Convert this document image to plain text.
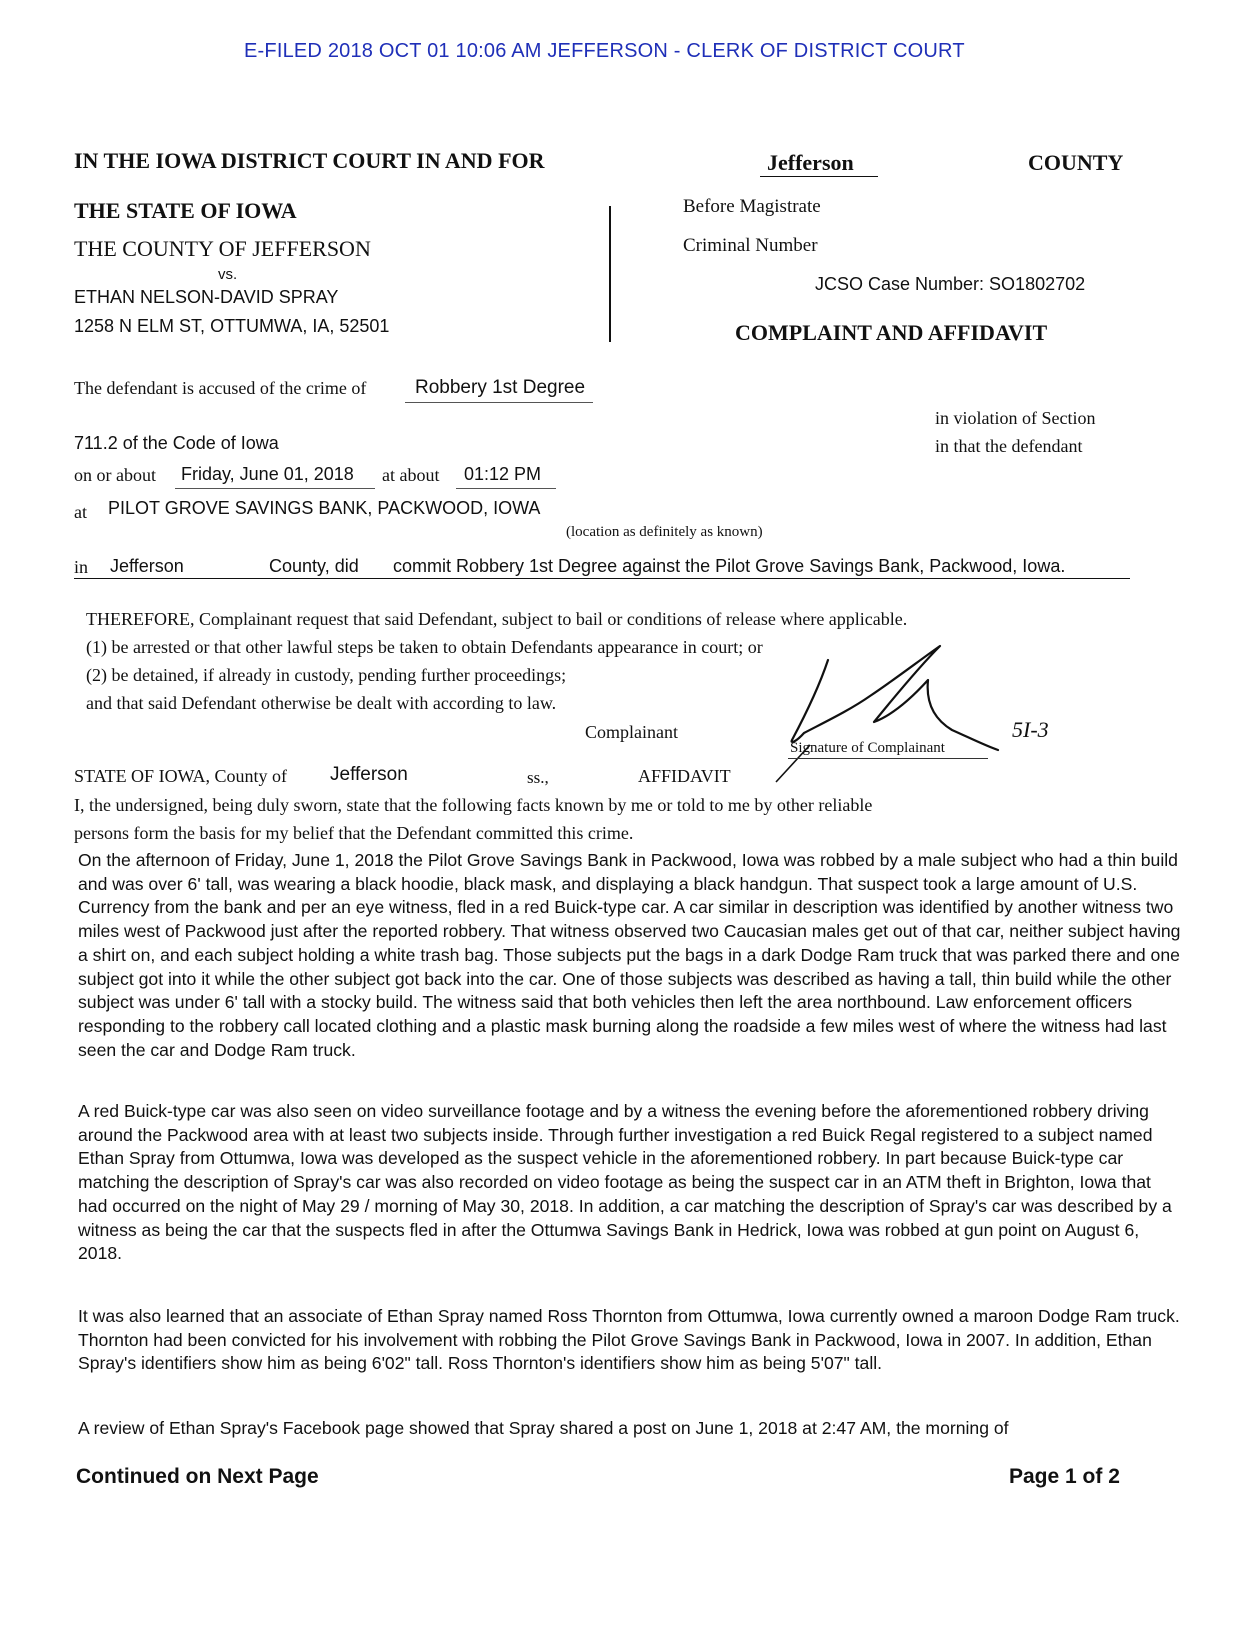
E-FILED 2018 OCT 01 10:06 AM JEFFERSON - CLERK OF DISTRICT COURT
IN THE IOWA DISTRICT COURT IN AND FOR	Jefferson	COUNTY
THE STATE OF IOWA
THE COUNTY OF JEFFERSON
vs.
ETHAN NELSON-DAVID SPRAY
1258 N ELM ST, OTTUMWA, IA, 52501
Before Magistrate
Criminal Number
JCSO Case Number: SO1802702
COMPLAINT AND AFFIDAVIT
The defendant is accused of the crime of	Robbery 1st Degree
in violation of Section
711.2 of the Code of Iowa	in that the defendant
on or about Friday, June 01, 2018 at about 01:12 PM
at PILOT GROVE SAVINGS BANK, PACKWOOD, IOWA
(location as definitely as known)
in Jefferson	County, did commit Robbery 1st Degree against the Pilot Grove Savings Bank, Packwood, Iowa.
THEREFORE, Complainant request that said Defendant, subject to bail or conditions of release where applicable.
(1) be arrested or that other lawful steps be taken to obtain Defendants appearance in court; or
(2) be detained, if already in custody, pending further proceedings;
and that said Defendant otherwise be dealt with according to law.
Complainant
Signature of Complainant
5I-3
STATE OF IOWA, County of Jefferson	ss.,	AFFIDAVIT
I, the undersigned, being duly sworn, state that the following facts known by me or told to me by other reliable
persons form the basis for my belief that the Defendant committed this crime.
On the afternoon of Friday, June 1, 2018 the Pilot Grove Savings Bank in Packwood, Iowa was robbed by a male subject who had a thin build and was over 6' tall, was wearing a black hoodie, black mask, and displaying a black handgun. That suspect took a large amount of U.S. Currency from the bank and per an eye witness, fled in a red Buick-type car. A car similar in description was identified by another witness two miles west of Packwood just after the reported robbery. That witness observed two Caucasian males get out of that car, neither subject having a shirt on, and each subject holding a white trash bag. Those subjects put the bags in a dark Dodge Ram truck that was parked there and one subject got into it while the other subject got back into the car. One of those subjects was described as having a tall, thin build while the other subject was under 6' tall with a stocky build. The witness said that both vehicles then left the area northbound. Law enforcement officers responding to the robbery call located clothing and a plastic mask burning along the roadside a few miles west of where the witness had last seen the car and Dodge Ram truck.
A red Buick-type car was also seen on video surveillance footage and by a witness the evening before the aforementioned robbery driving around the Packwood area with at least two subjects inside. Through further investigation a red Buick Regal registered to a subject named Ethan Spray from Ottumwa, Iowa was developed as the suspect vehicle in the aforementioned robbery. In part because Buick-type car matching the description of Spray's car was also recorded on video footage as being the suspect car in an ATM theft in Brighton, Iowa that had occurred on the night of May 29 / morning of May 30, 2018. In addition, a car matching the description of Spray's car was described by a witness as being the car that the suspects fled in after the Ottumwa Savings Bank in Hedrick, Iowa was robbed at gun point on August 6, 2018.
It was also learned that an associate of Ethan Spray named Ross Thornton from Ottumwa, Iowa currently owned a maroon Dodge Ram truck. Thornton had been convicted for his involvement with robbing the Pilot Grove Savings Bank in Packwood, Iowa in 2007. In addition, Ethan Spray's identifiers show him as being 6'02" tall. Ross Thornton's identifiers show him as being 5'07" tall.
A review of Ethan Spray's Facebook page showed that Spray shared a post on June 1, 2018 at 2:47 AM, the morning of
Continued on Next Page	Page 1 of 2
